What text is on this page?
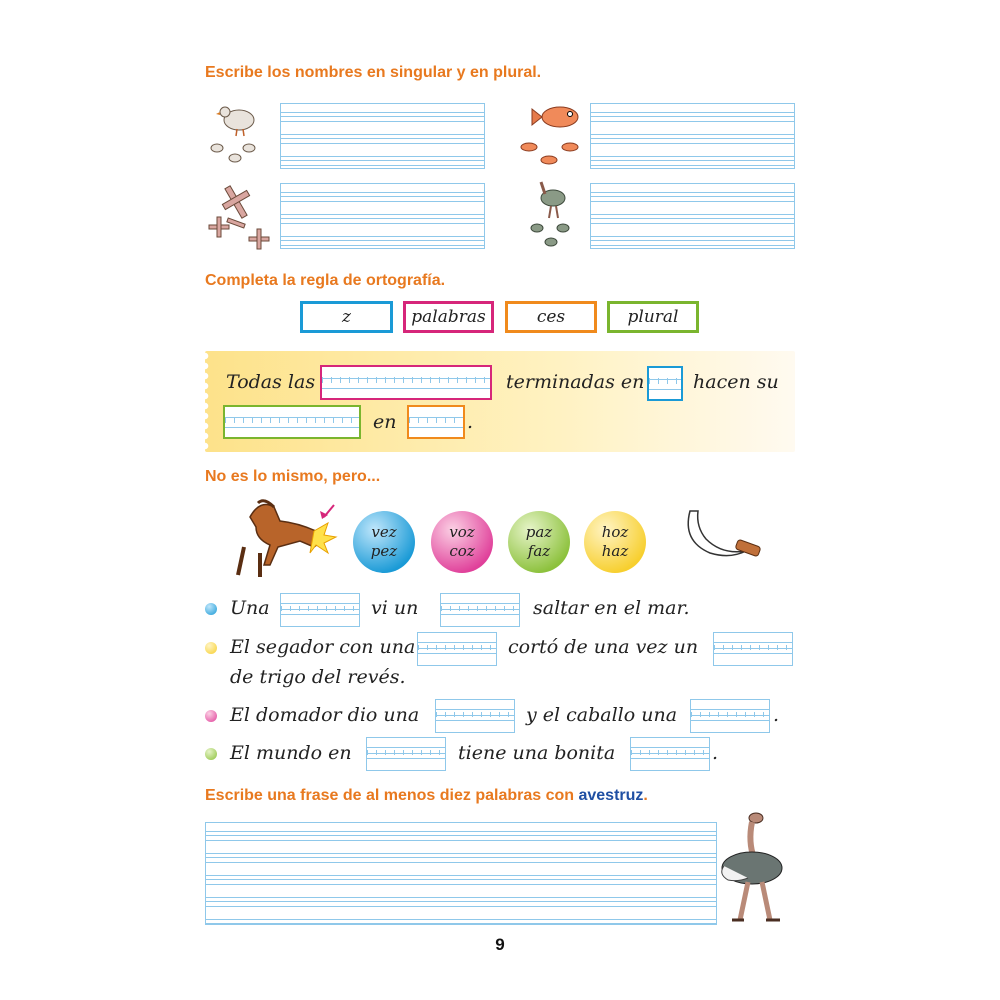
Escribe los nombres en singular y en plural.
Completa la regla de ortografía.
z	palabras	ces	plural
Todas las	terminadas en	hacen su
en	.
No es lo mismo, pero...
vez
pez
voz
coz
paz
faz
hoz
haz
Una	vi un	saltar en el mar.
El segador con una	cortó de una vez un
de trigo del revés.
El domador dio una	y el caballo una	.
El mundo en	tiene una bonita	.
Escribe una frase de al menos diez palabras con avestruz.
9
